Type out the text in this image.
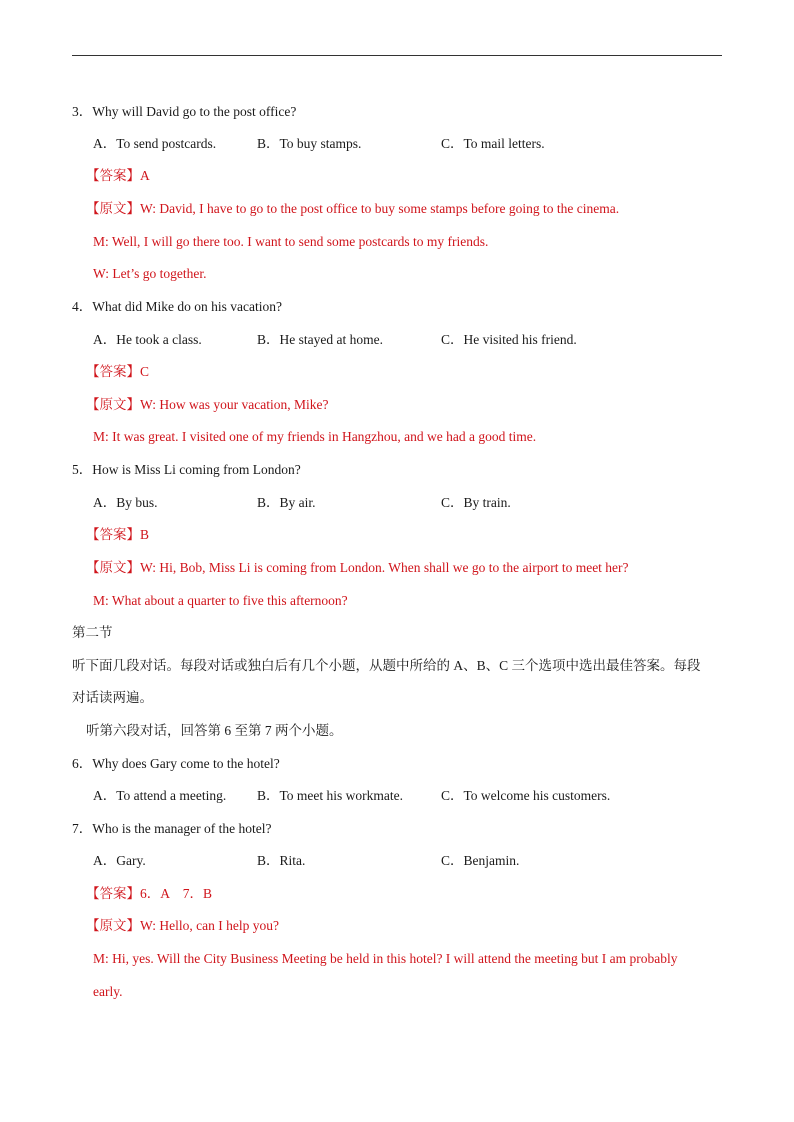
3．Why will David go to the post office?
A．To send postcards.	B．To buy stamps.	C．To mail letters.
【答案】A
【原文】W: David, I have to go to the post office to buy some stamps before going to the cinema.
M: Well, I will go there too. I want to send some postcards to my friends.
W: Let’s go together.
4．What did Mike do on his vacation?
A．He took a class.	B．He stayed at home.	C．He visited his friend.
【答案】C
【原文】W: How was your vacation, Mike?
M: It was great. I visited one of my friends in Hangzhou, and we had a good time.
5．How is Miss Li coming from London?
A．By bus.	B．By air.	C．By train.
【答案】B
【原文】W: Hi, Bob, Miss Li is coming from London. When shall we go to the airport to meet her?
M: What about a quarter to five this afternoon?
第二节
听下面几段对话。每段对话或独白后有几个小题，从题中所给的 A、B、C 三个选项中选出最佳答案。每段
对话读两遍。
听第六段对话，回答第 6 至第 7 两个小题。
6．Why does Gary come to the hotel?
A．To attend a meeting. B．To meet his workmate.	C．To welcome his customers.
7．Who is the manager of the hotel?
A．Gary.	B．Rita.	C．Benjamin.
【答案】6．A    7．B
【原文】W: Hello, can I help you?
M: Hi, yes. Will the City Business Meeting be held in this hotel? I will attend the meeting but I am probably
early.
